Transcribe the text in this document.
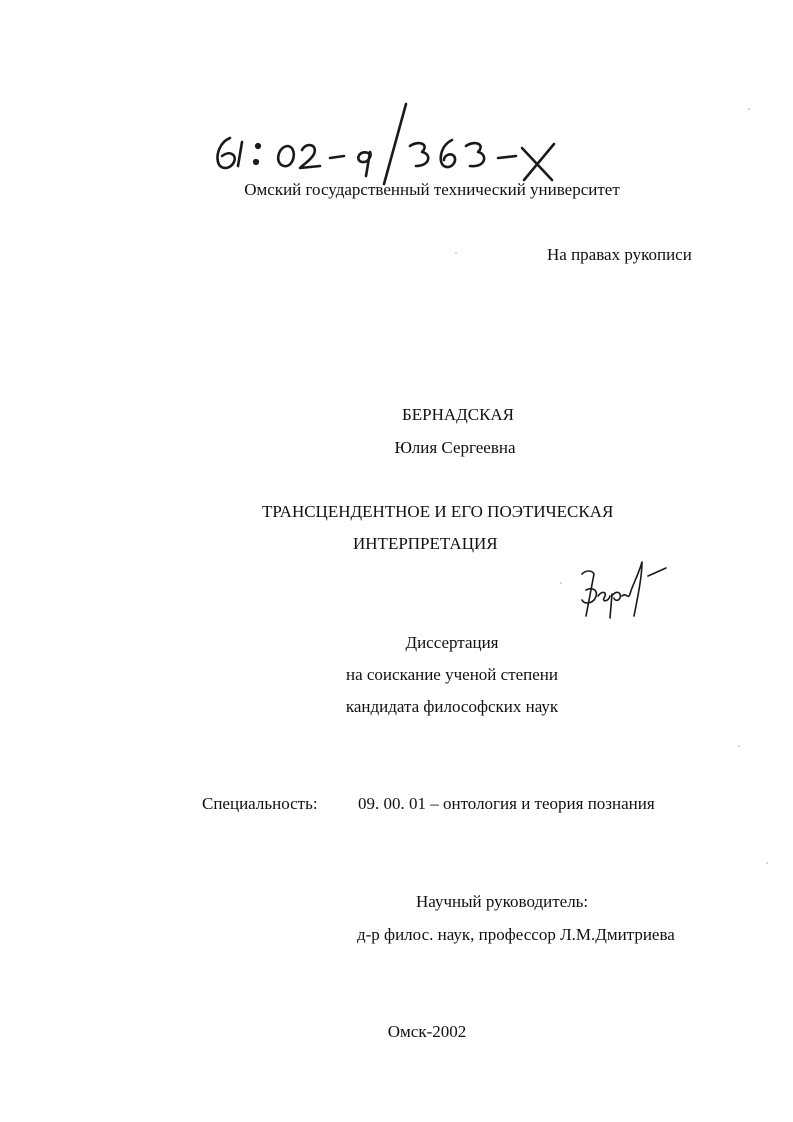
Омский государственный технический университет

На правах рукописи

БЕРНАДСКАЯ

Юлия Сергеевна

ТРАНСЦЕНДЕНТНОЕ И ЕГО ПОЭТИЧЕСКАЯ

ИНТЕРПРЕТАЦИЯ

Диссертация

на соискание ученой степени

кандидата философских наук

Специальность: 09. 00. 01 – онтология и теория познания

Научный руководитель:

д-р филос. наук, профессор Л.М.Дмитриева

Омск-2002
